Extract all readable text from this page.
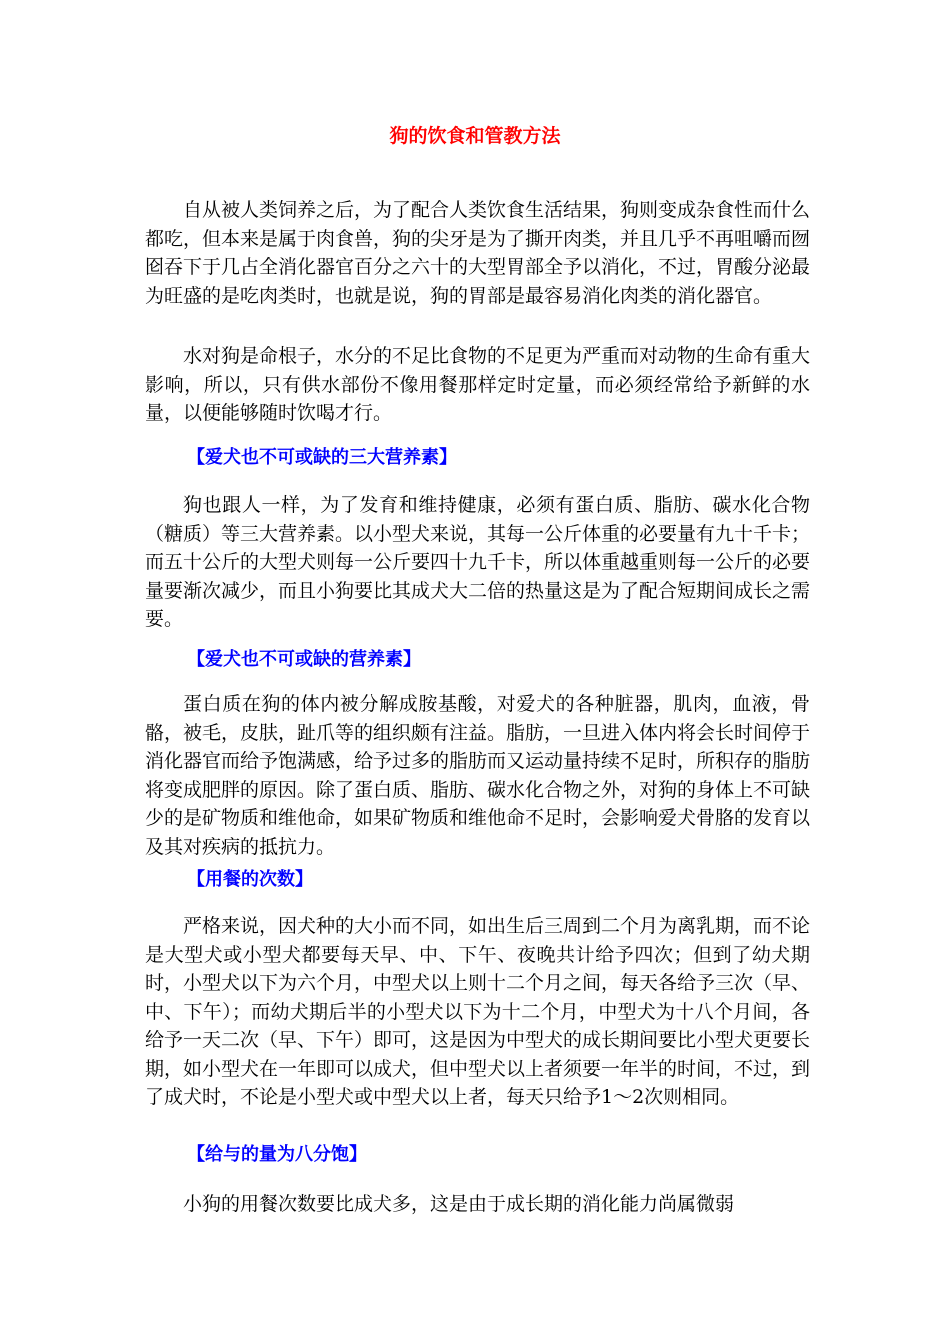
狗的饮食和管教方法

自从被人类饲养之后，为了配合人类饮食生活结果，狗则变成杂食性而什么都吃，但本来是属于肉食兽，狗的尖牙是为了撕开肉类，并且几乎不再咀嚼而囫囵吞下于几占全消化器官百分之六十的大型胃部全予以消化，不过，胃酸分泌最为旺盛的是吃肉类时，也就是说，狗的胃部是最容易消化肉类的消化器官。

水对狗是命根子，水分的不足比食物的不足更为严重而对动物的生命有重大影响，所以，只有供水部份不像用餐那样定时定量，而必须经常给予新鲜的水量，以便能够随时饮喝才行。

【爱犬也不可或缺的三大营养素】

狗也跟人一样，为了发育和维持健康，必须有蛋白质、脂肪、碳水化合物（糖质）等三大营养素。以小型犬来说，其每一公斤体重的必要量有九十千卡；而五十公斤的大型犬则每一公斤要四十九千卡，所以体重越重则每一公斤的必要量要渐次减少，而且小狗要比其成犬大二倍的热量这是为了配合短期间成长之需要。

【爱犬也不可或缺的营养素】

蛋白质在狗的体内被分解成胺基酸，对爱犬的各种脏器，肌肉，血液，骨骼，被毛，皮肤，趾爪等的组织颇有注益。脂肪，一旦进入体内将会长时间停于消化器官而给予饱满感，给予过多的脂肪而又运动量持续不足时，所积存的脂肪将变成肥胖的原因。除了蛋白质、脂肪、碳水化合物之外，对狗的身体上不可缺少的是矿物质和维他命，如果矿物质和维他命不足时，会影响爱犬骨胳的发育以及其对疾病的抵抗力。

【用餐的次数】

严格来说，因犬种的大小而不同，如出生后三周到二个月为离乳期，而不论是大型犬或小型犬都要每天早、中、下午、夜晚共计给予四次；但到了幼犬期时，小型犬以下为六个月，中型犬以上则十二个月之间，每天各给予三次（早、中、下午）；而幼犬期后半的小型犬以下为十二个月，中型犬为十八个月间，各给予一天二次（早、下午）即可，这是因为中型犬的成长期间要比小型犬更要长期，如小型犬在一年即可以成犬，但中型犬以上者须要一年半的时间，不过，到了成犬时，不论是小型犬或中型犬以上者，每天只给予1～2次则相同。

【给与的量为八分饱】

小狗的用餐次数要比成犬多，这是由于成长期的消化能力尚属微弱
